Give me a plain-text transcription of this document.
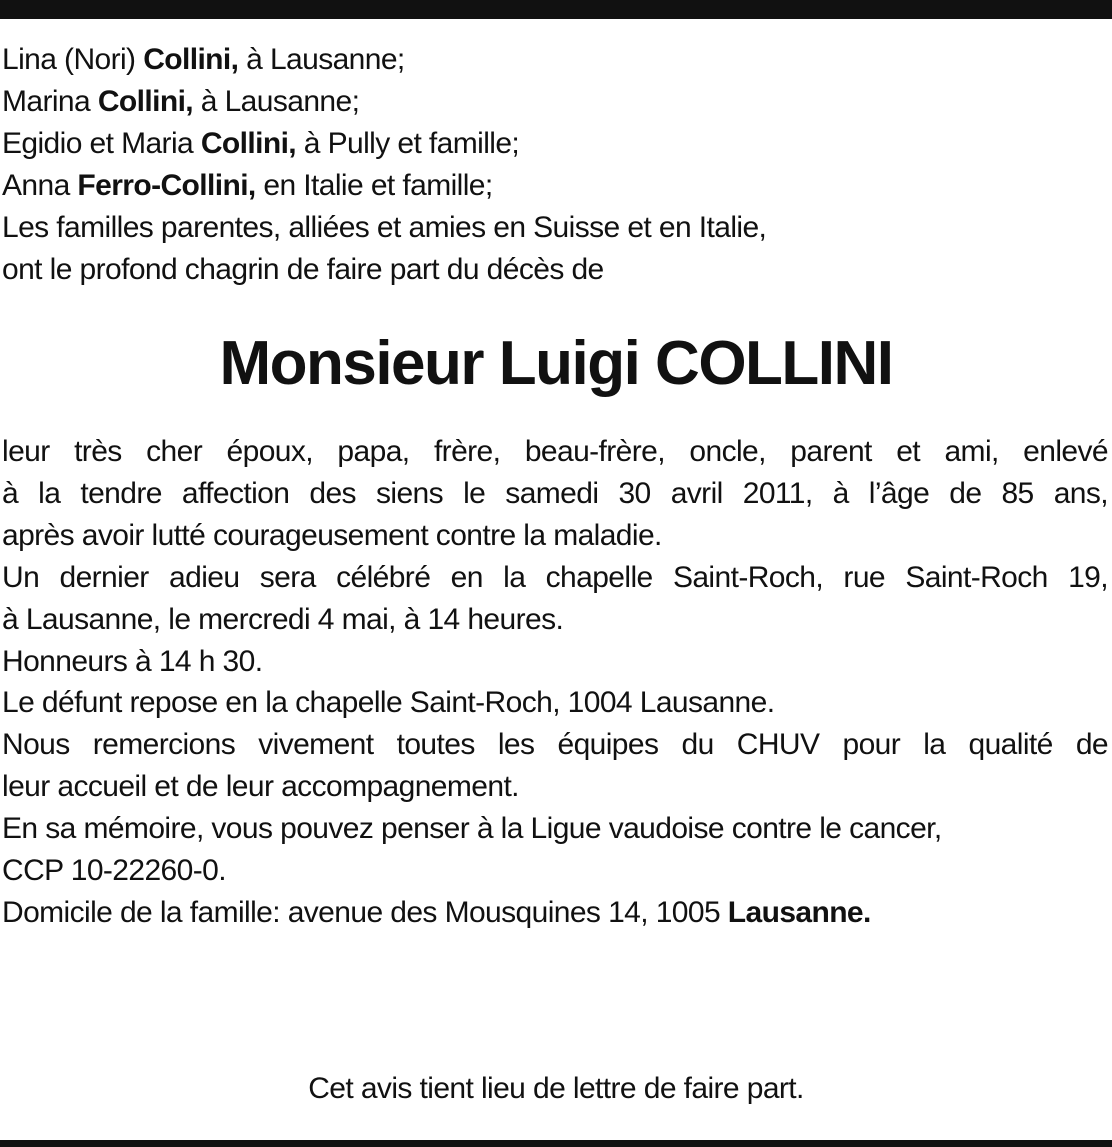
Lina (Nori) Collini, à Lausanne;
Marina Collini, à Lausanne;
Egidio et Maria Collini, à Pully et famille;
Anna Ferro-Collini, en Italie et famille;
Les familles parentes, alliées et amies en Suisse et en Italie,
ont le profond chagrin de faire part du décès de
Monsieur Luigi COLLINI
leur très cher époux, papa, frère, beau-frère, oncle, parent et ami, enlevé
à la tendre affection des siens le samedi 30 avril 2011, à l’âge de 85 ans,
après avoir lutté courageusement contre la maladie.
Un dernier adieu sera célébré en la chapelle Saint-Roch, rue Saint-Roch 19,
à Lausanne, le mercredi 4 mai, à 14 heures.
Honneurs à 14 h 30.
Le défunt repose en la chapelle Saint-Roch, 1004 Lausanne.
Nous remercions vivement toutes les équipes du CHUV pour la qualité de
leur accueil et de leur accompagnement.
En sa mémoire, vous pouvez penser à la Ligue vaudoise contre le cancer,
CCP 10-22260-0.
Domicile de la famille: avenue des Mousquines 14, 1005 Lausanne.
Cet avis tient lieu de lettre de faire part.
